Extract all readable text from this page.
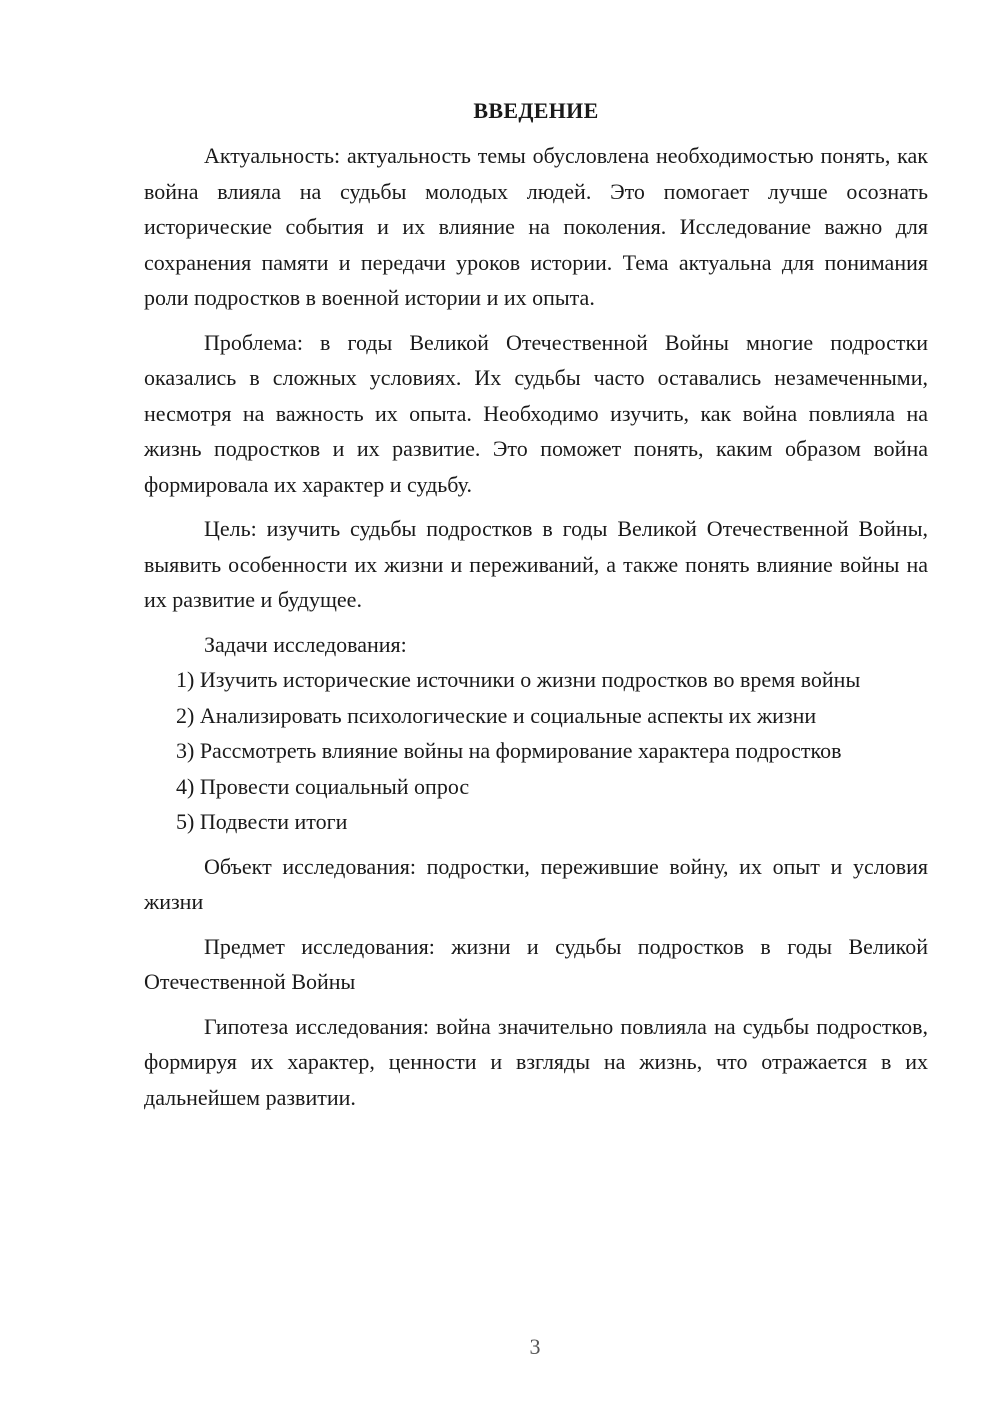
ВВЕДЕНИЕ

Актуальность: актуальность темы обусловлена необходимостью понять, как война влияла на судьбы молодых людей. Это помогает лучше осознать исторические события и их влияние на поколения. Исследование важно для сохранения памяти и передачи уроков истории. Тема актуальна для понимания роли подростков в военной истории и их опыта.

Проблема: в годы Великой Отечественной Войны многие подростки оказались в сложных условиях. Их судьбы часто оставались незамеченными, несмотря на важность их опыта. Необходимо изучить, как война повлияла на жизнь подростков и их развитие. Это поможет понять, каким образом война формировала их характер и судьбу.

Цель: изучить судьбы подростков в годы Великой Отечественной Войны, выявить особенности их жизни и переживаний, а также понять влияние войны на их развитие и будущее.

Задачи исследования:

1) Изучить исторические источники о жизни подростков во время войны

2) Анализировать психологические и социальные аспекты их жизни

3) Рассмотреть влияние войны на формирование характера подростков

4) Провести социальный опрос

5) Подвести итоги

Объект исследования: подростки, пережившие войну, их опыт и условия жизни

Предмет исследования: жизни и судьбы подростков в годы Великой Отечественной Войны

Гипотеза исследования: война значительно повлияла на судьбы подростков, формируя их характер, ценности и взгляды на жизнь, что отражается в их дальнейшем развитии.

3
